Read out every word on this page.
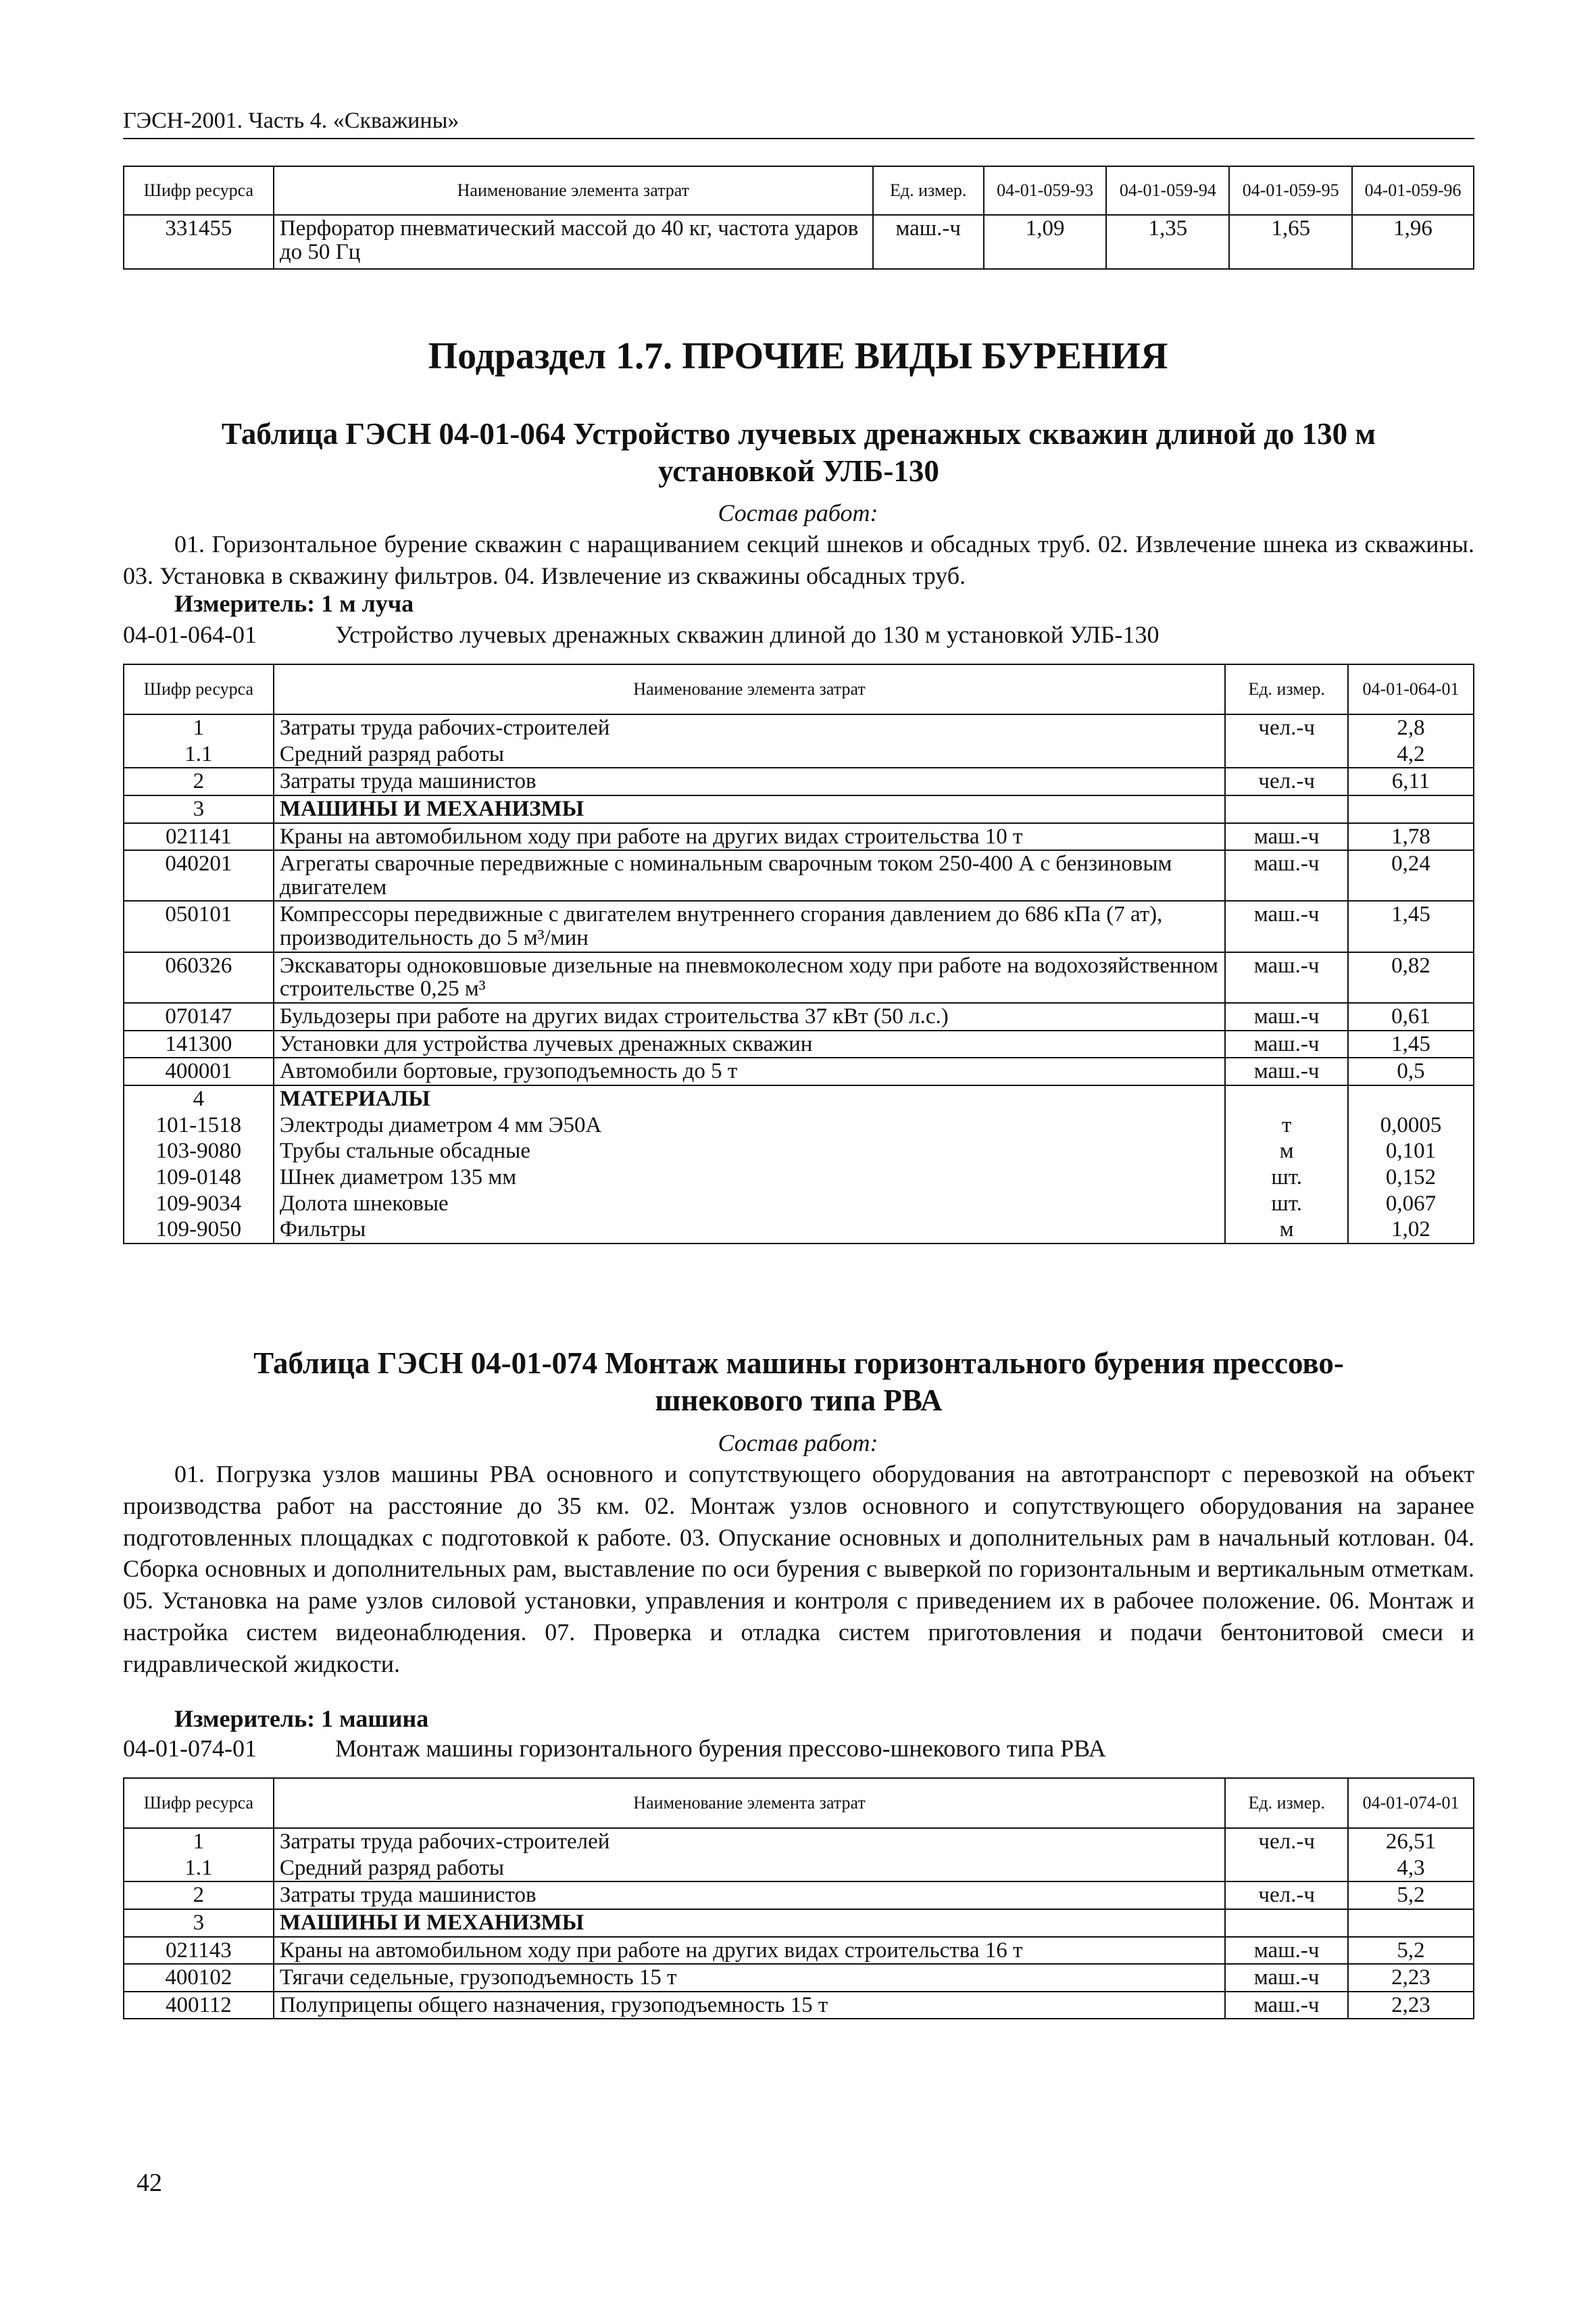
ГЭСН-2001. Часть 4. «Скважины»
Шифр ресурса	Наименование элемента затрат	Ед. измер.	04-01-059-93	04-01-059-94	04-01-059-95	04-01-059-96
331455	Перфоратор пневматический массой до 40 кг, частота ударов до 50 Гц	маш.-ч	1,09	1,35	1,65	1,96
Подраздел 1.7. ПРОЧИЕ ВИДЫ БУРЕНИЯ
Таблица ГЭСН 04-01-064 Устройство лучевых дренажных скважин длиной до 130 м
установкой УЛБ-130
Состав работ:
01. Горизонтальное бурение скважин с наращиванием секций шнеков и обсадных труб. 02. Извлечение шнека из скважины. 03. Установка в скважину фильтров. 04. Извлечение из скважины обсадных труб.
Измеритель: 1 м луча
04-01-064-01	Устройство лучевых дренажных скважин длиной до 130 м установкой УЛБ-130
Шифр ресурса	Наименование элемента затрат	Ед. измер.	04-01-064-01
1	Затраты труда рабочих-строителей	чел.-ч	2,8
1.1	Средний разряд работы		4,2
2	Затраты труда машинистов	чел.-ч	6,11
3	МАШИНЫ И МЕХАНИЗМЫ		
021141	Краны на автомобильном ходу при работе на других видах строительства 10 т	маш.-ч	1,78
040201	Агрегаты сварочные передвижные с номинальным сварочным током 250-400 А с бензиновым двигателем	маш.-ч	0,24
050101	Компрессоры передвижные с двигателем внутреннего сгорания давлением до 686 кПа (7 ат), производительность до 5 м³/мин	маш.-ч	1,45
060326	Экскаваторы одноковшовые дизельные на пневмоколесном ходу при работе на водохозяйственном строительстве 0,25 м³	маш.-ч	0,82
070147	Бульдозеры при работе на других видах строительства 37 кВт (50 л.с.)	маш.-ч	0,61
141300	Установки для устройства лучевых дренажных скважин	маш.-ч	1,45
400001	Автомобили бортовые, грузоподъемность до 5 т	маш.-ч	0,5
4	МАТЕРИАЛЫ		
101-1518	Электроды диаметром 4 мм Э50А	т	0,0005
103-9080	Трубы стальные обсадные	м	0,101
109-0148	Шнек диаметром 135 мм	шт.	0,152
109-9034	Долота шнековые	шт.	0,067
109-9050	Фильтры	м	1,02
Таблица ГЭСН 04-01-074 Монтаж машины горизонтального бурения прессово-
шнекового типа РВА
Состав работ:
01. Погрузка узлов машины РВА основного и сопутствующего оборудования на автотранспорт с перевозкой на объект производства работ на расстояние до 35 км. 02. Монтаж узлов основного и сопутствующего оборудования на заранее подготовленных площадках с подготовкой к работе. 03. Опускание основных и дополнительных рам в начальный котлован. 04. Сборка основных и дополнительных рам, выставление по оси бурения с выверкой по горизонтальным и вертикальным отметкам. 05. Установка на раме узлов силовой установки, управления и контроля с приведением их в рабочее положение. 06. Монтаж и настройка систем видеонаблюдения. 07. Проверка и отладка систем приготовления и подачи бентонитовой смеси и гидравлической жидкости.
Измеритель: 1 машина
04-01-074-01	Монтаж машины горизонтального бурения прессово-шнекового типа РВА
Шифр ресурса	Наименование элемента затрат	Ед. измер.	04-01-074-01
1	Затраты труда рабочих-строителей	чел.-ч	26,51
1.1	Средний разряд работы		4,3
2	Затраты труда машинистов	чел.-ч	5,2
3	МАШИНЫ И МЕХАНИЗМЫ		
021143	Краны на автомобильном ходу при работе на других видах строительства 16 т	маш.-ч	5,2
400102	Тягачи седельные, грузоподъемность 15 т	маш.-ч	2,23
400112	Полуприцепы общего назначения, грузоподъемность 15 т	маш.-ч	2,23
42
